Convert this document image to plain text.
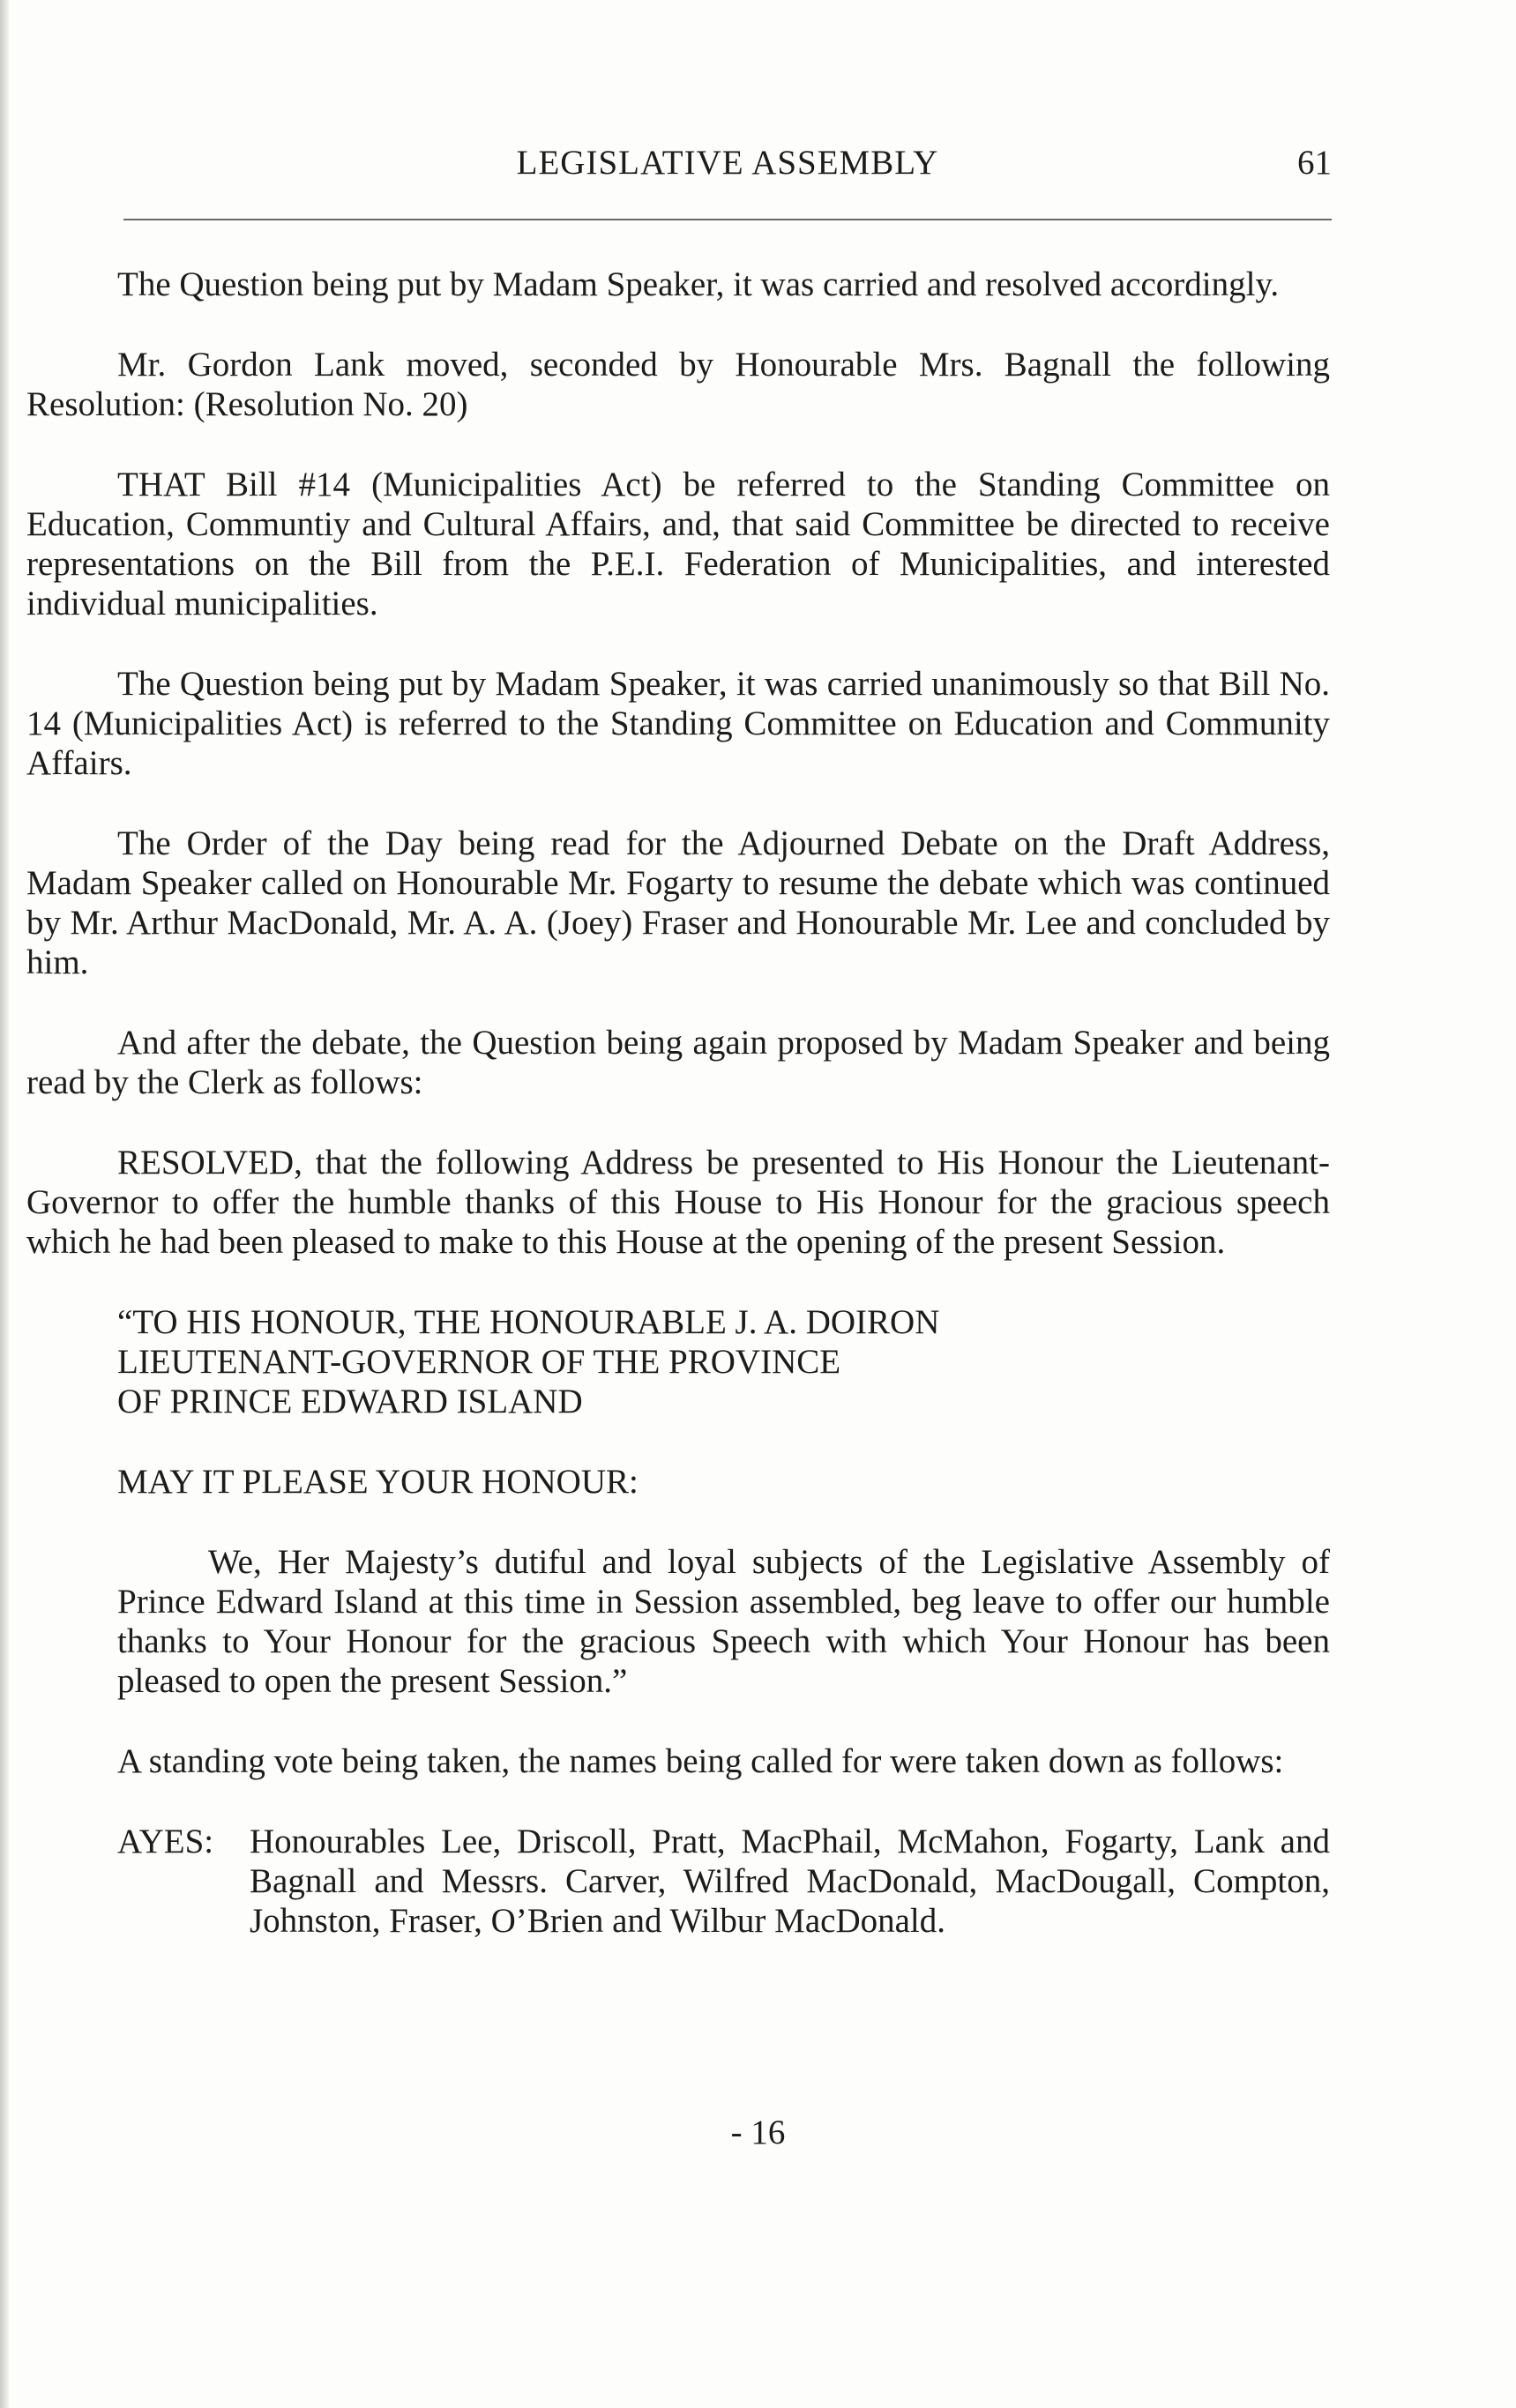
LEGISLATIVE ASSEMBLY	61

The Question being put by Madam Speaker, it was carried and resolved accordingly.

Mr. Gordon Lank moved, seconded by Honourable Mrs. Bagnall the following Resolution: (Resolution No. 20)

THAT Bill #14 (Municipalities Act) be referred to the Standing Committee on Education, Communtiy and Cultural Affairs, and, that said Committee be directed to receive representations on the Bill from the P.E.I. Federation of Municipalities, and interested individual municipalities.

The Question being put by Madam Speaker, it was carried unanimously so that Bill No. 14 (Municipalities Act) is referred to the Standing Committee on Education and Community Affairs.

The Order of the Day being read for the Adjourned Debate on the Draft Address, Madam Speaker called on Honourable Mr. Fogarty to resume the debate which was continued by Mr. Arthur MacDonald, Mr. A. A. (Joey) Fraser and Honourable Mr. Lee and concluded by him.

And after the debate, the Question being again proposed by Madam Speaker and being read by the Clerk as follows:

RESOLVED, that the following Address be presented to His Honour the Lieutenant-Governor to offer the humble thanks of this House to His Honour for the gracious speech which he had been pleased to make to this House at the opening of the present Session.

“TO HIS HONOUR, THE HONOURABLE J. A. DOIRON
LIEUTENANT-GOVERNOR OF THE PROVINCE
OF PRINCE EDWARD ISLAND
MAY IT PLEASE YOUR HONOUR:

We, Her Majesty’s dutiful and loyal subjects of the Legislative Assembly of Prince Edward Island at this time in Session assembled, beg leave to offer our humble thanks to Your Honour for the gracious Speech with which Your Honour has been pleased to open the present Session.”

A standing vote being taken, the names being called for were taken down as follows:

AYES:	Honourables Lee, Driscoll, Pratt, MacPhail, McMahon, Fogarty, Lank and Bagnall and Messrs. Carver, Wilfred MacDonald, MacDougall, Compton, Johnston, Fraser, O’Brien and Wilbur MacDonald.
- 16
